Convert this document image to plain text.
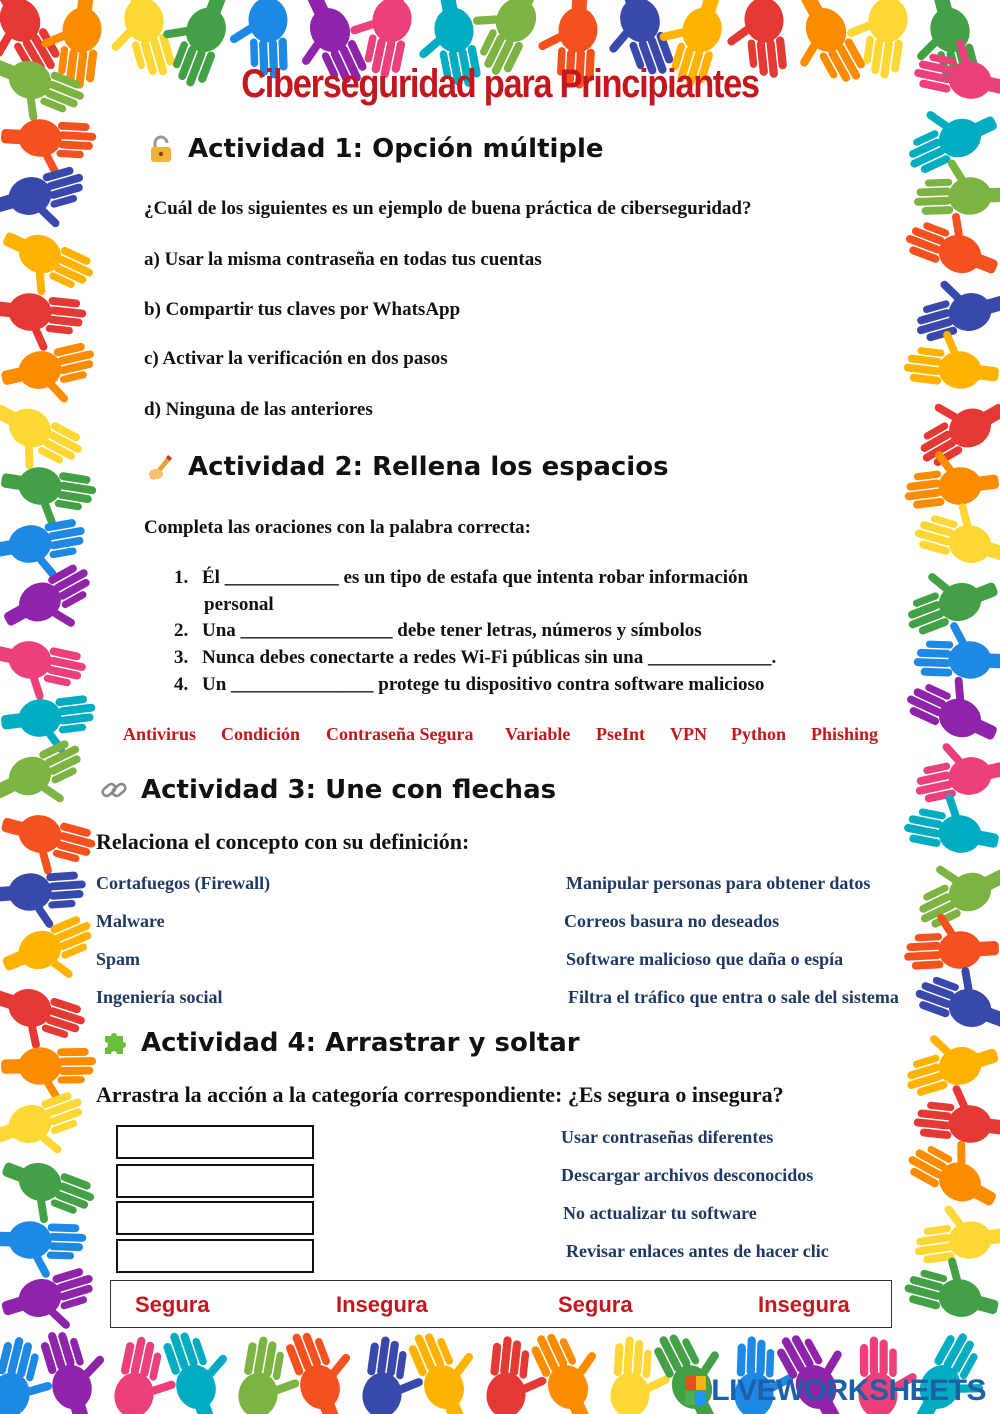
Ciberseguridad para Principiantes
Actividad 1: Opción múltiple
¿Cuál de los siguientes es un ejemplo de buena práctica de ciberseguridad?
a) Usar la misma contraseña en todas tus cuentas
b) Compartir tus claves por WhatsApp
c) Activar la verificación en dos pasos
d) Ninguna de las anteriores
Actividad 2: Rellena los espacios
Completa las oraciones con la palabra correcta:
1. Él ____________ es un tipo de estafa que intenta robar información
personal
2. Una ________________ debe tener letras, números y símbolos
3. Nunca debes conectarte a redes Wi-Fi públicas sin una _____________.
4. Un _______________ protege tu dispositivo contra software malicioso
Antivirus Condición Contraseña Segura Variable PseInt VPN Python Phishing
Actividad 3: Une con flechas
Relaciona el concepto con su definición:
Cortafuegos (Firewall)
Malware
Spam
Ingeniería social
Manipular personas para obtener datos
Correos basura no deseados
Software malicioso que daña o espía
Filtra el tráfico que entra o sale del sistema
Actividad 4: Arrastrar y soltar
Arrastra la acción a la categoría correspondiente: ¿Es segura o insegura?
Usar contraseñas diferentes
Descargar archivos desconocidos
No actualizar tu software
Revisar enlaces antes de hacer clic
Segura	Insegura	Segura	Insegura
LIVEWORKSHEETS
